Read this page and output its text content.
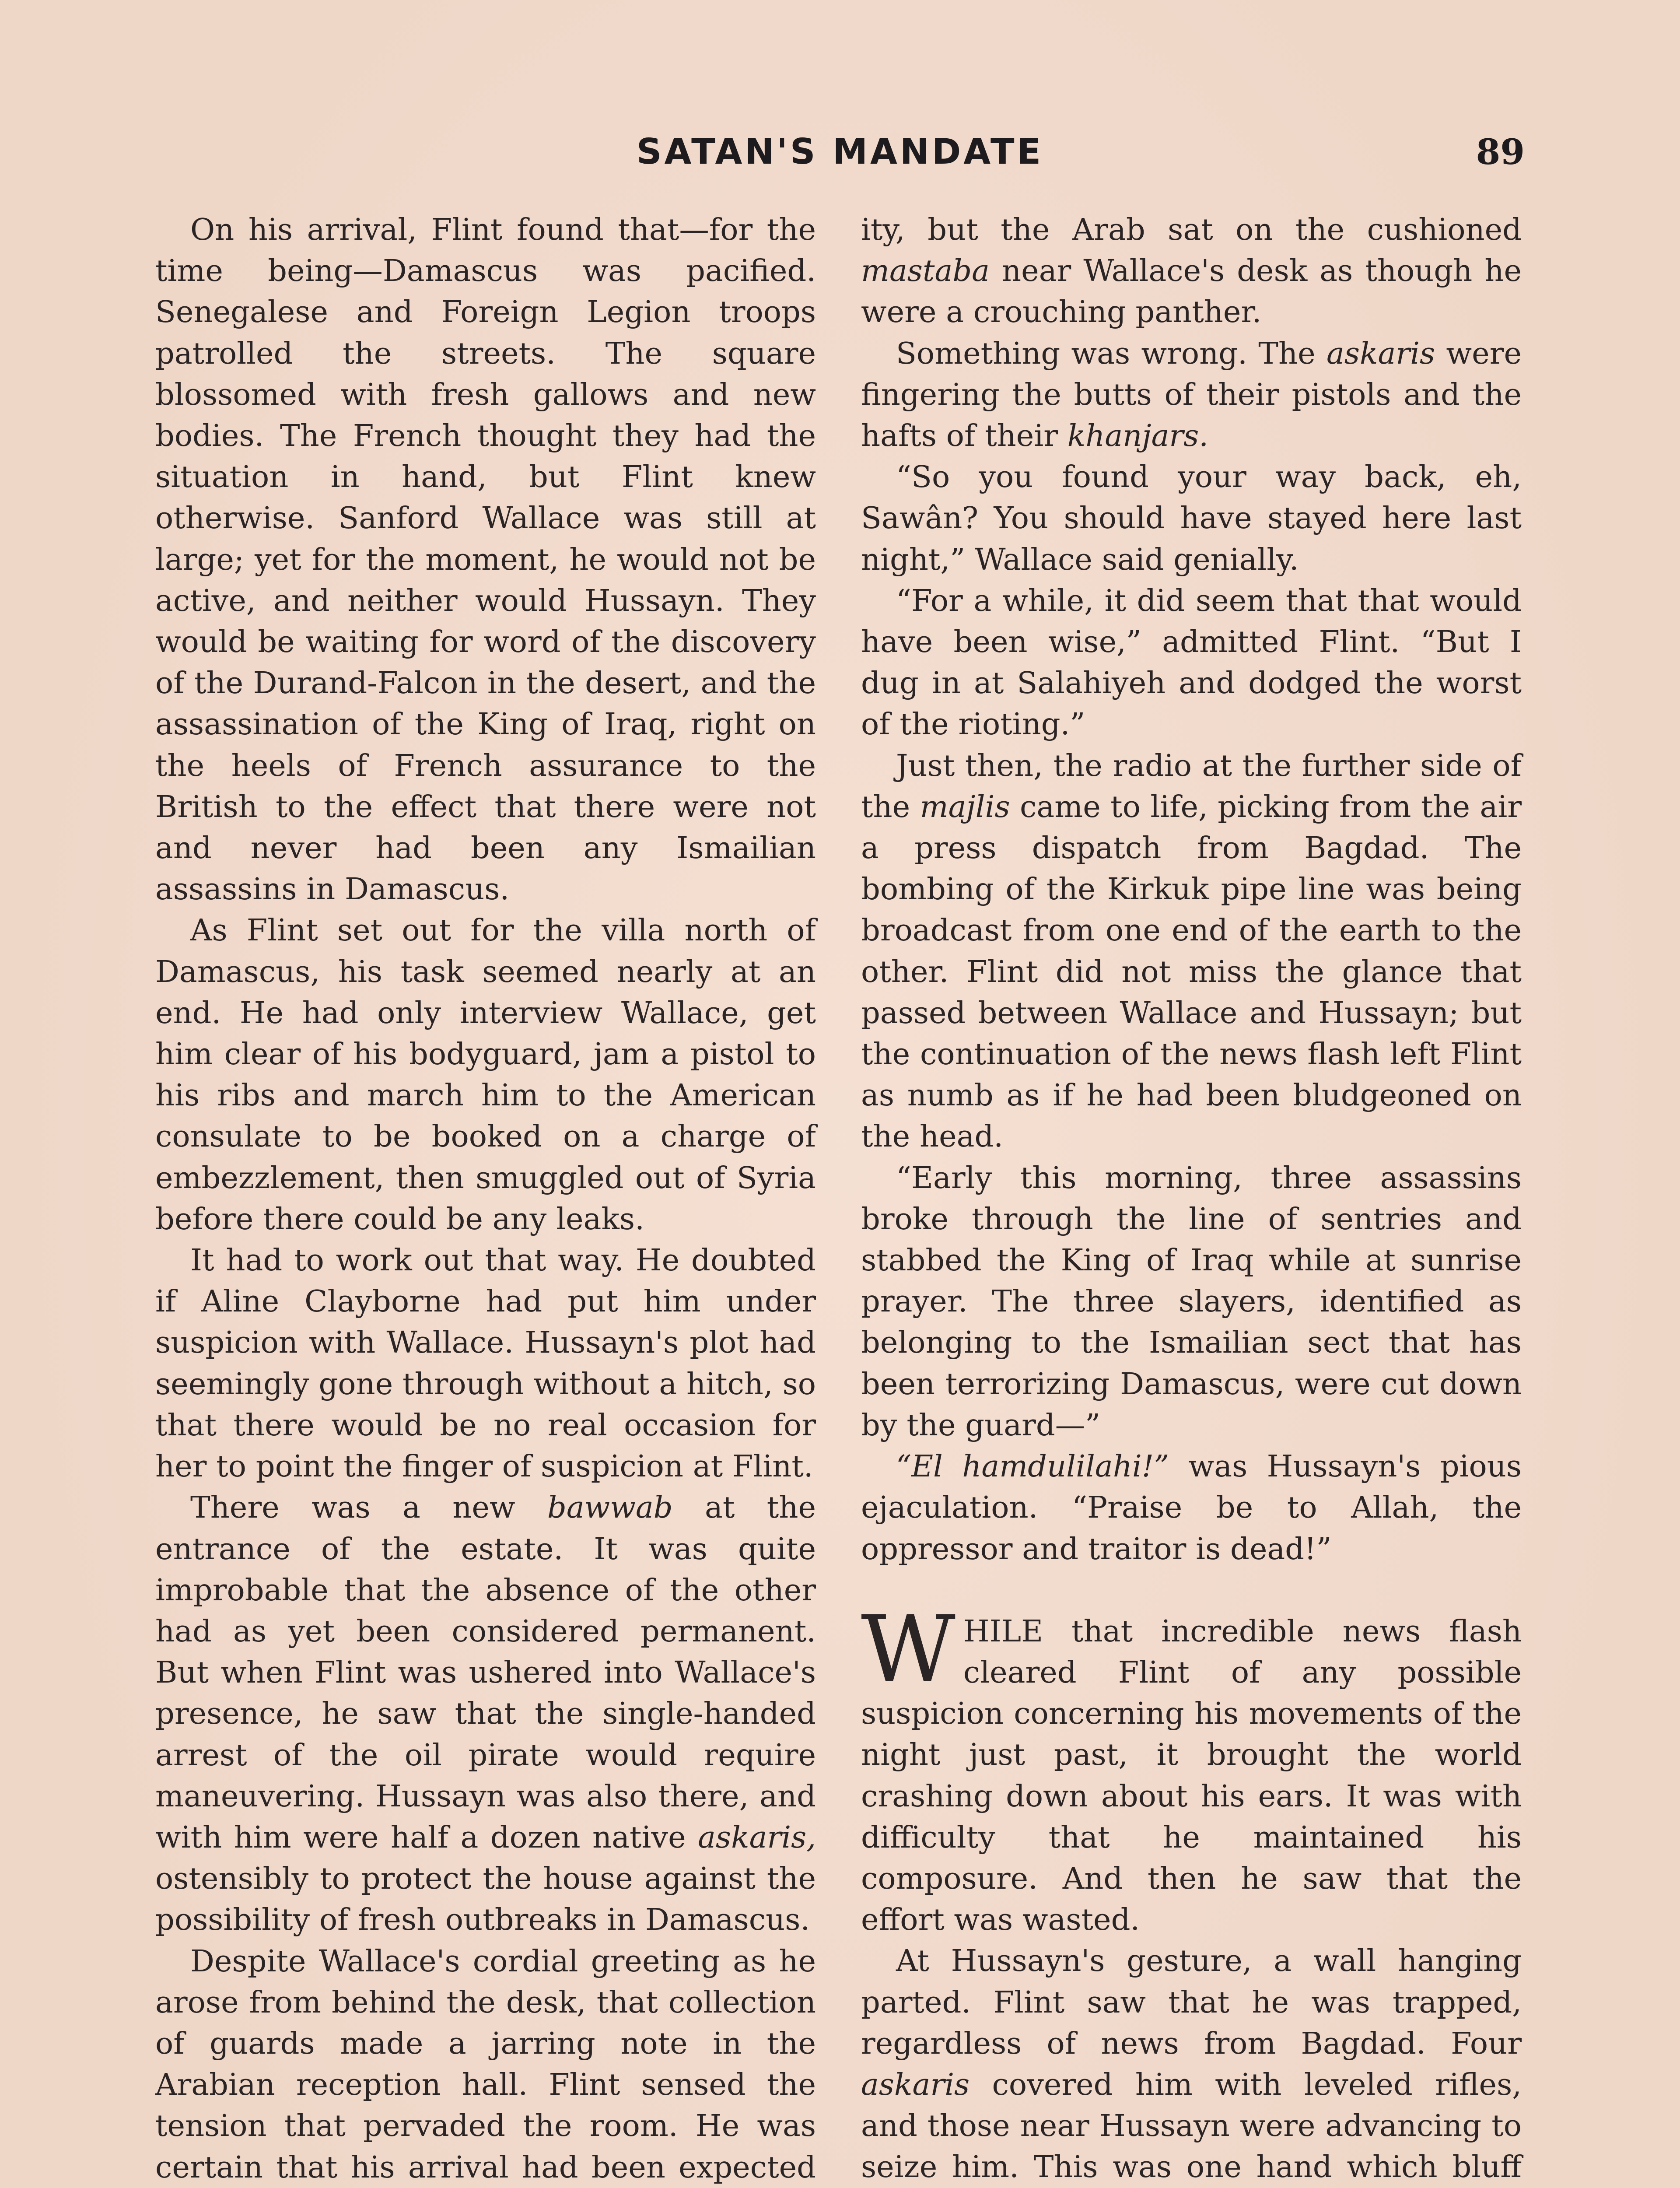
SATAN'S MANDATE	89

On his arrival, Flint found that—for the time being—Damascus was pacified. Senegalese and Foreign Legion troops patrolled the streets. The square blossomed with fresh gallows and new bodies. The French thought they had the situation in hand, but Flint knew otherwise. Sanford Wallace was still at large; yet for the moment, he would not be active, and neither would Hussayn. They would be waiting for word of the discovery of the Durand-Falcon in the desert, and the assassination of the King of Iraq, right on the heels of French assurance to the British to the effect that there were not and never had been any Ismailian assassins in Damascus.

As Flint set out for the villa north of Damascus, his task seemed nearly at an end. He had only interview Wallace, get him clear of his bodyguard, jam a pistol to his ribs and march him to the American consulate to be booked on a charge of embezzlement, then smuggled out of Syria before there could be any leaks.

It had to work out that way. He doubted if Aline Clayborne had put him under suspicion with Wallace. Hussayn's plot had seemingly gone through without a hitch, so that there would be no real occasion for her to point the finger of suspicion at Flint.

There was a new bawwab at the entrance of the estate. It was quite improbable that the absence of the other had as yet been considered permanent. But when Flint was ushered into Wallace's presence, he saw that the single-handed arrest of the oil pirate would require maneuvering. Hussayn was also there, and with him were half a dozen native askaris, ostensibly to protect the house against the possibility of fresh outbreaks in Damascus.

Despite Wallace's cordial greeting as he arose from behind the desk, that collection of guards made a jarring note in the Arabian reception hall. Flint sensed the tension that pervaded the room. He was certain that his arrival had been expected

ity, but the Arab sat on the cushioned mastaba near Wallace's desk as though he were a crouching panther.

Something was wrong. The askaris were fingering the butts of their pistols and the hafts of their khanjars.

“So you found your way back, eh, Sawân? You should have stayed here last night,” Wallace said genially.

“For a while, it did seem that that would have been wise,” admitted Flint. “But I dug in at Salahiyeh and dodged the worst of the rioting.”

Just then, the radio at the further side of the majlis came to life, picking from the air a press dispatch from Bagdad. The bombing of the Kirkuk pipe line was being broadcast from one end of the earth to the other. Flint did not miss the glance that passed between Wallace and Hussayn; but the continuation of the news flash left Flint as numb as if he had been bludgeoned on the head.

“Early this morning, three assassins broke through the line of sentries and stabbed the King of Iraq while at sunrise prayer. The three slayers, identified as belonging to the Ismailian sect that has been terrorizing Damascus, were cut down by the guard—”

“El hamdulilahi!” was Hussayn's pious ejaculation. “Praise be to Allah, the oppressor and traitor is dead!”

WHILE that incredible news flash cleared Flint of any possible suspicion concerning his movements of the night just past, it brought the world crashing down about his ears. It was with difficulty that he maintained his composure. And then he saw that the effort was wasted.

At Hussayn's gesture, a wall hanging parted. Flint saw that he was trapped, regardless of news from Bagdad. Four askaris covered him with leveled rifles, and those near Hussayn were advancing to seize him. This was one hand which bluff
